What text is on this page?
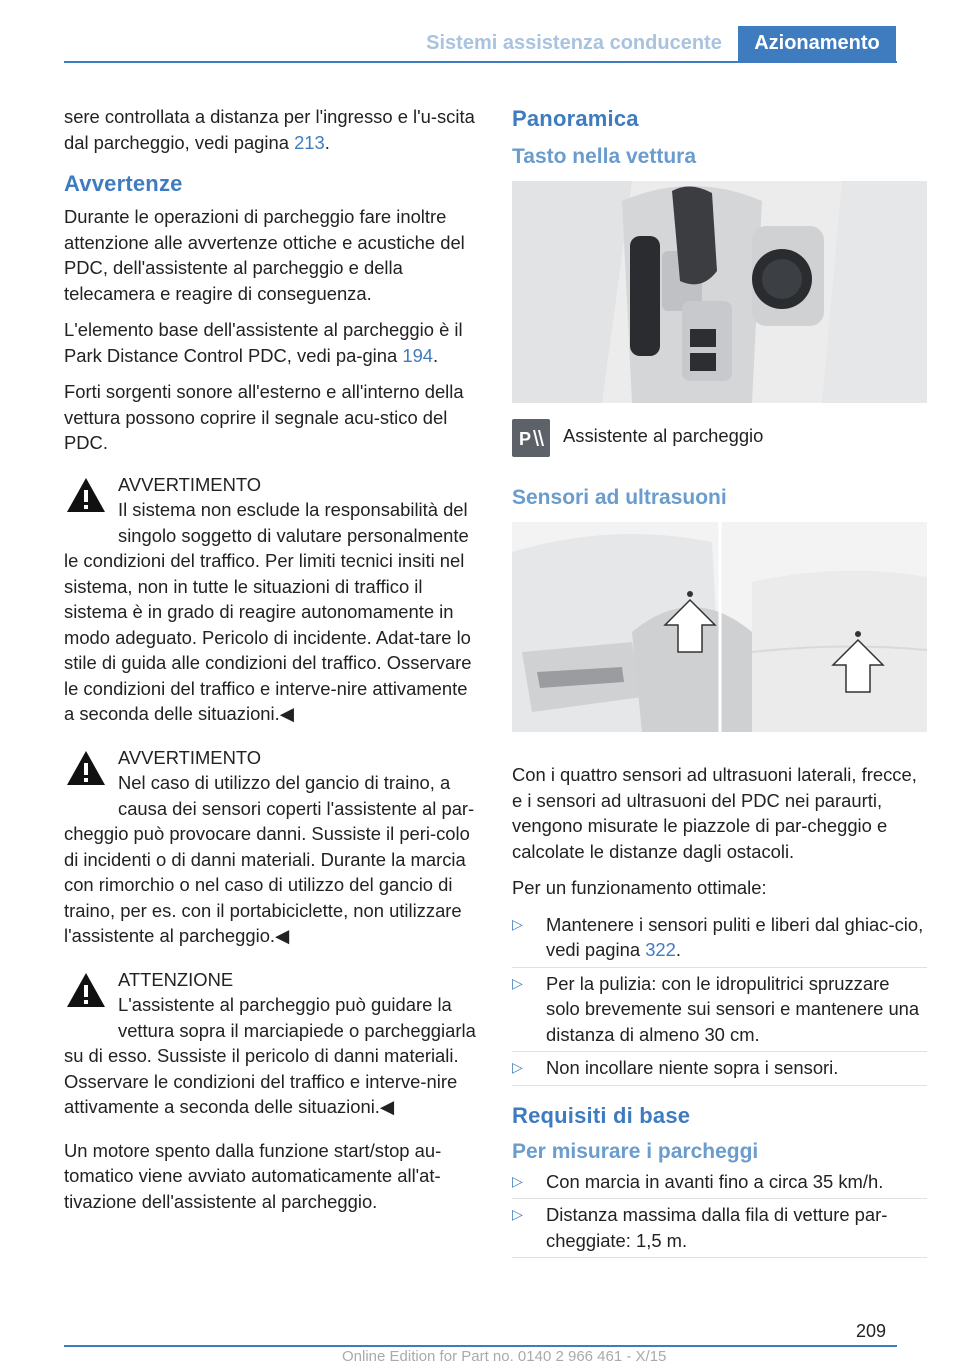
Sistemi assistenza conducente	Azionamento

sere controllata a distanza per l'ingresso e l'u‐scita dal parcheggio, vedi pagina 213.

Avvertenze

Durante le operazioni di parcheggio fare inoltre attenzione alle avvertenze ottiche e acustiche del PDC, dell'assistente al parcheggio e della telecamera e reagire di conseguenza.

L'elemento base dell'assistente al parcheggio è il Park Distance Control PDC, vedi pa‐gina 194.

Forti sorgenti sonore all'esterno e all'interno della vettura possono coprire il segnale acu‐stico del PDC.

AVVERTIMENTO
Il sistema non esclude la responsabilità del singolo soggetto di valutare personalmente le condizioni del traffico. Per limiti tecnici insiti nel sistema, non in tutte le situazioni di traffico il sistema è in grado di reagire autonomamente in modo adeguato. Pericolo di incidente. Adat‐tare lo stile di guida alle condizioni del traffico. Osservare le condizioni del traffico e interve‐nire attivamente a seconda delle situazioni.◀
AVVERTIMENTO
Nel caso di utilizzo del gancio di traino, a causa dei sensori coperti l'assistente al par‐cheggio può provocare danni. Sussiste il peri‐colo di incidenti o di danni materiali. Durante la marcia con rimorchio o nel caso di utilizzo del gancio di traino, per es. con il portabiciclette, non utilizzare l'assistente al parcheggio.◀
ATTENZIONE
L'assistente al parcheggio può guidare la vettura sopra il marciapiede o parcheggiarla su di esso. Sussiste il pericolo di danni materiali. Osservare le condizioni del traffico e interve‐nire attivamente a seconda delle situazioni.◀

Un motore spento dalla funzione start/stop au‐tomatico viene avviato automaticamente all'at‐tivazione dell'assistente al parcheggio.

Panoramica
Tasto nella vettura
P Assistente al parcheggio
Sensori ad ultrasuoni

Con i quattro sensori ad ultrasuoni laterali, frecce, e i sensori ad ultrasuoni del PDC nei paraurti, vengono misurate le piazzole di par‐cheggio e calcolate le distanze dagli ostacoli.

Per un funzionamento ottimale:

▷ Mantenere i sensori puliti e liberi dal ghiac‐cio, vedi pagina 322.
▷ Per la pulizia: con le idropulitrici spruzzare solo brevemente sui sensori e mantenere una distanza di almeno 30 cm.
▷ Non incollare niente sopra i sensori.
Requisiti di base
Per misurare i parcheggi
▷ Con marcia in avanti fino a circa 35 km/h.
▷ Distanza massima dalla fila di vetture par‐cheggiate: 1,5 m.
209
Online Edition for Part no. 0140 2 966 461 - X/15
